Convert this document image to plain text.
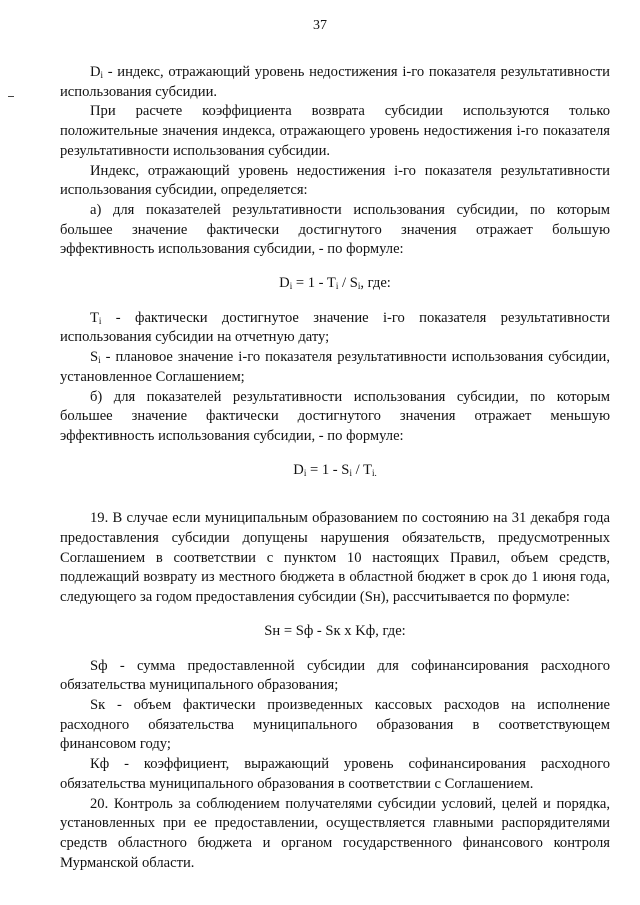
37

$D_i$ - индекс, отражающий уровень недостижения i-го показателя результативности использования субсидии.

При расчете коэффициента возврата субсидии используются только положительные значения индекса, отражающего уровень недостижения i-го показателя результативности использования субсидии.

Индекс, отражающий уровень недостижения i-го показателя результативности использования субсидии, определяется:

а) для показателей результативности использования субсидии, по которым большее значение фактически достигнутого значения отражает большую эффективность использования субсидии, - по формуле:

$D_i = 1 - T_i / S_i$, где:

$T_i$ - фактически достигнутое значение i-го показателя результативности использования субсидии на отчетную дату;

$S_i$ - плановое значение i-го показателя результативности использования субсидии, установленное Соглашением;

б) для показателей результативности использования субсидии, по которым большее значение фактически достигнутого значения отражает меньшую эффективность использования субсидии, - по формуле:

$D_i = 1 - S_i / T_{i.}$

19. В случае если муниципальным образованием по состоянию на 31 декабря года предоставления субсидии допущены нарушения обязательств, предусмотренных Соглашением в соответствии с пунктом 10 настоящих Правил, объем средств, подлежащий возврату из местного бюджета в областной бюджет в срок до 1 июня года, следующего за годом предоставления субсидии (Sн), рассчитывается по формуле:

Sн = Sф - Sк x Kф, где:

Sф - сумма предоставленной субсидии для софинансирования расходного обязательства муниципального образования;

Sк - объем фактически произведенных кассовых расходов на исполнение расходного обязательства муниципального образования в соответствующем финансовом году;

Кф - коэффициент, выражающий уровень софинансирования расходного обязательства муниципального образования в соответствии с Соглашением.

20. Контроль за соблюдением получателями субсидии условий, целей и порядка, установленных при ее предоставлении, осуществляется главными распорядителями средств областного бюджета и органом государственного финансового контроля Мурманской области.
